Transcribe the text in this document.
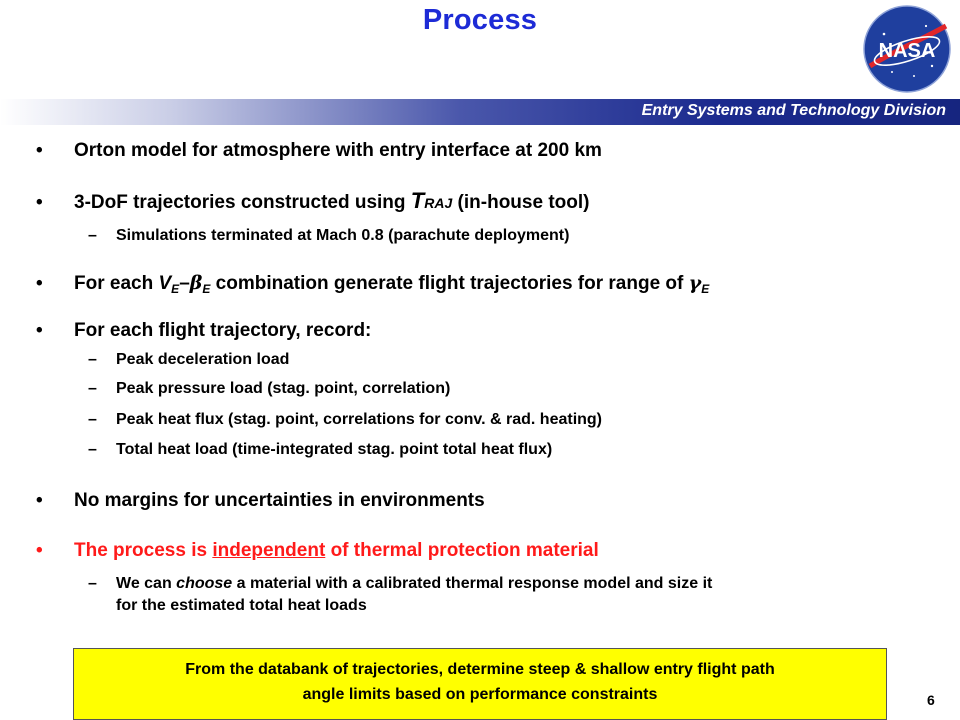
Process
NASA
Entry Systems and Technology Division
• Orton model for atmosphere with entry interface at 200 km
• 3-DoF trajectories constructed using TRAJ (in-house tool)
– Simulations terminated at Mach 0.8 (parachute deployment)
• For each $V_E-\beta_E$ combination generate flight trajectories for range of $\gamma_E$
• For each flight trajectory, record:
– Peak deceleration load
– Peak pressure load (stag. point, correlation)
– Peak heat flux (stag. point, correlations for conv. & rad. heating)
– Total heat load (time-integrated stag. point total heat flux)
• No margins for uncertainties in environments
• The process is independent of thermal protection material
– We can choose a material with a calibrated thermal response model and size it
for the estimated total heat loads
From the databank of trajectories, determine steep & shallow entry flight path
angle limits based on performance constraints	6
